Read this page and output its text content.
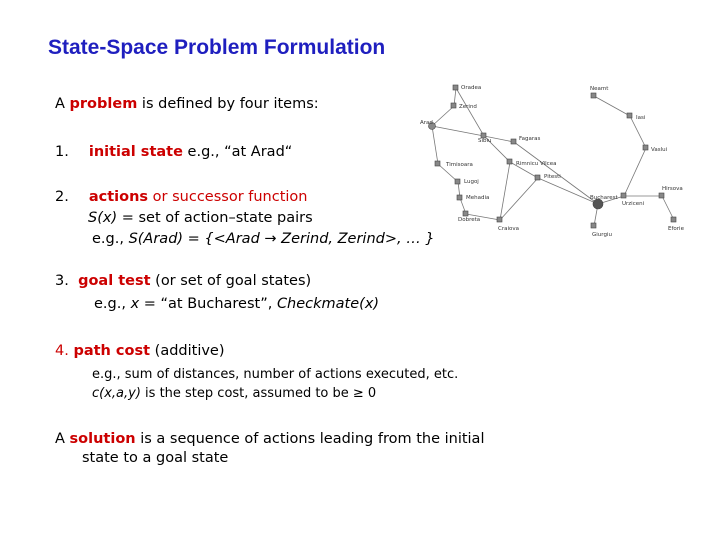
State-Space Problem Formulation
A problem is defined by four items:
1. initial state e.g., “at Arad“
2. actions or successor function
S(x) = set of action–state pairs
e.g., S(Arad) = {<Arad → Zerind, Zerind>, … }
3. goal test (or set of goal states)
e.g., x = “at Bucharest”, Checkmate(x)
4. path cost (additive)
e.g., sum of distances, number of actions executed, etc.
c(x,a,y) is the step cost, assumed to be ≥ 0
A solution is a sequence of actions leading from the initial
state to a goal state
Oradea
Zerind
Arad
Sibiu	Fagaras
Timisoara	Rimnicu Vilcea
Lugoj
Pitesti
Mehadia
Dobreta
Craiova
Bucharest
Giurgiu
Urziceni
Hirsova
Eforie
Vaslui
Iasi
Neamt
